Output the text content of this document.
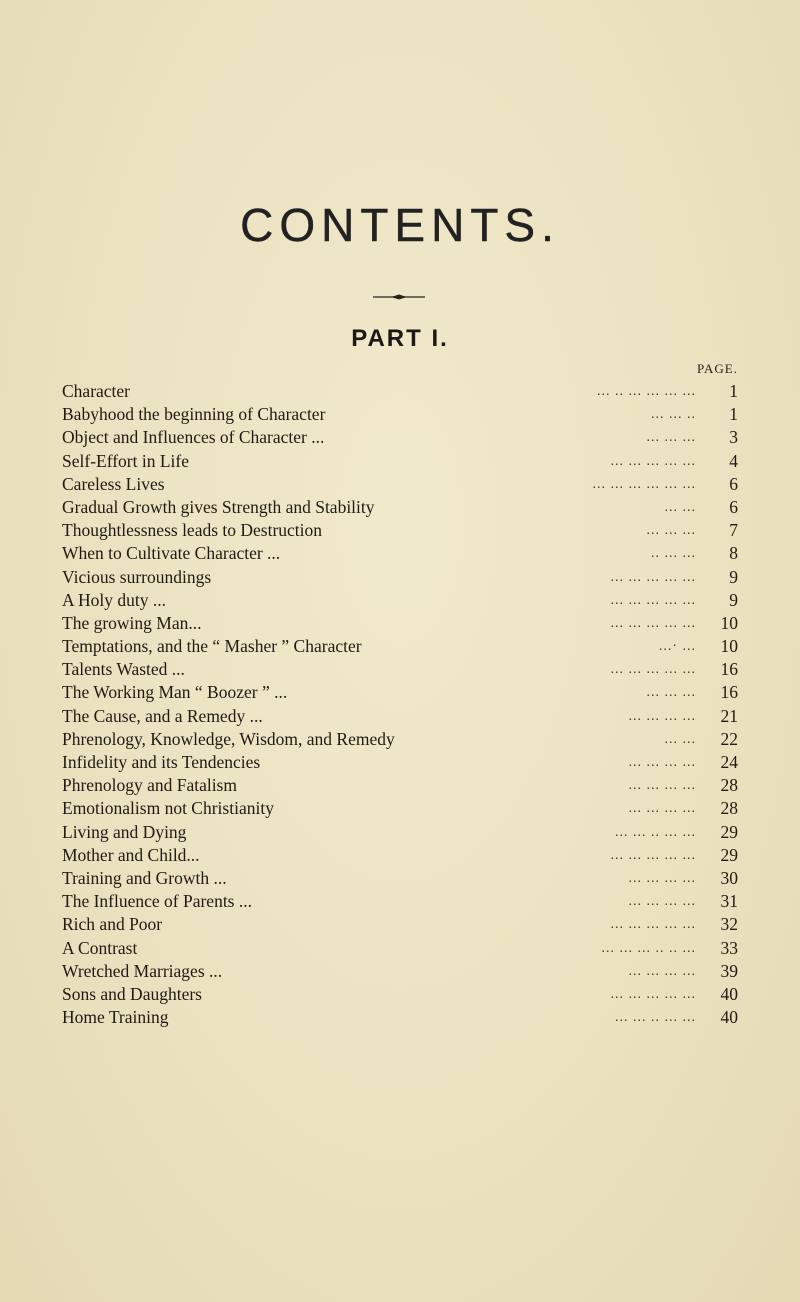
CONTENTS.
PART I.
PAGE.
Character	... .. ... ... ... ...	1
Babyhood the beginning of Character	... ... ..	1
Object and Influences of Character ...	... ... ...	3
Self-Effort in Life	... ... ... ... ...	4
Careless Lives	... ... ... ... ... ...	6
Gradual Growth gives Strength and Stability	... ...	6
Thoughtlessness leads to Destruction	... ... ...	7
When to Cultivate Character ...	.. ... ...	8
Vicious surroundings	... ... ... ... ...	9
A Holy duty ...	... ... ... ... ...	9
The growing Man...	... ... ... ... ...	10
Temptations, and the “ Masher ” Character	...· ...	10
Talents Wasted ...	... ... ... ... ...	16
The Working Man “ Boozer ” ...	... ... ...	16
The Cause, and a Remedy ...	... ... ... ...	21
Phrenology, Knowledge, Wisdom, and Remedy	... ...	22
Infidelity and its Tendencies	... ... ... ...	24
Phrenology and Fatalism	... ... ... ...	28
Emotionalism not Christianity	... ... ... ...	28
Living and Dying	... ... .. ... ...	29
Mother and Child...	... ... ... ... ...	29
Training and Growth ...	... ... ... ...	30
The Influence of Parents ...	... ... ... ...	31
Rich and Poor	... ... ... ... ...	32
A Contrast	... ... ... .. .. ...	33
Wretched Marriages ...	... ... ... ...	39
Sons and Daughters	... ... ... ... ...	40
Home Training	... ... .. ... ...	40
